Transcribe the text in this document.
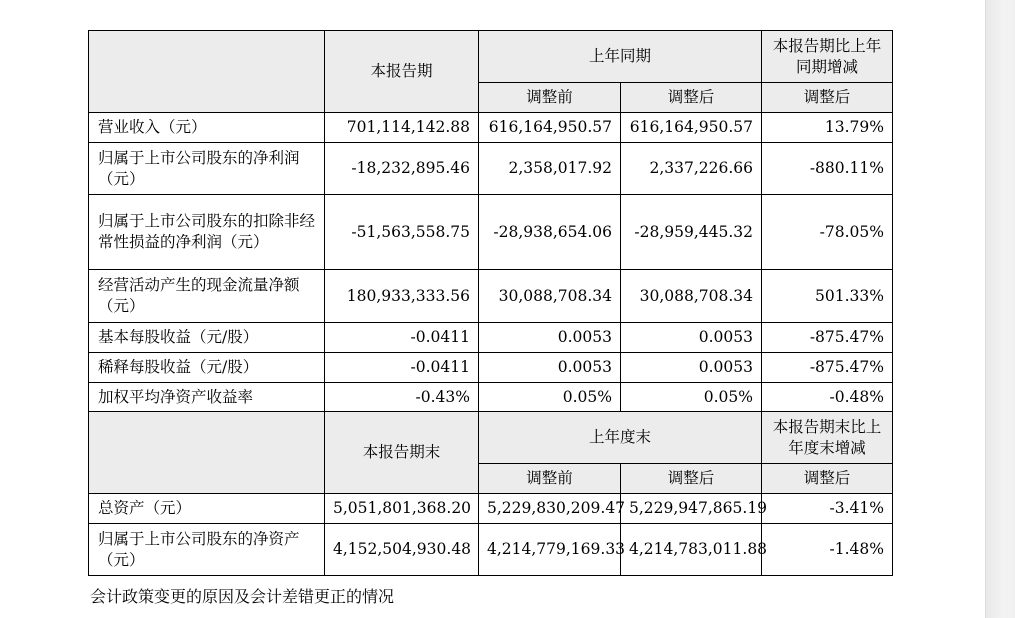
	本报告期	上年同期		本报告期比上年同期增减
		调整前	调整后	调整后
营业收入（元）	701,114,142.88	616,164,950.57	616,164,950.57	13.79%
归属于上市公司股东的净利润（元）	-18,232,895.46	2,358,017.92	2,337,226.66	-880.11%
归属于上市公司股东的扣除非经常性损益的净利润（元）	-51,563,558.75	-28,938,654.06	-28,959,445.32	-78.05%
经营活动产生的现金流量净额（元）	180,933,333.56	30,088,708.34	30,088,708.34	501.33%
基本每股收益（元/股）	-0.0411	0.0053	0.0053	-875.47%
稀释每股收益（元/股）	-0.0411	0.0053	0.0053	-875.47%
加权平均净资产收益率	-0.43%	0.05%	0.05%	-0.48%
	本报告期末	上年度末		本报告期末比上年度末增减
		调整前	调整后	调整后
总资产（元）	5,051,801,368.20	5,229,830,209.47	5,229,947,865.19	-3.41%
归属于上市公司股东的净资产（元）	4,152,504,930.48	4,214,779,169.33	4,214,783,011.88	-1.48%
会计政策变更的原因及会计差错更正的情况
